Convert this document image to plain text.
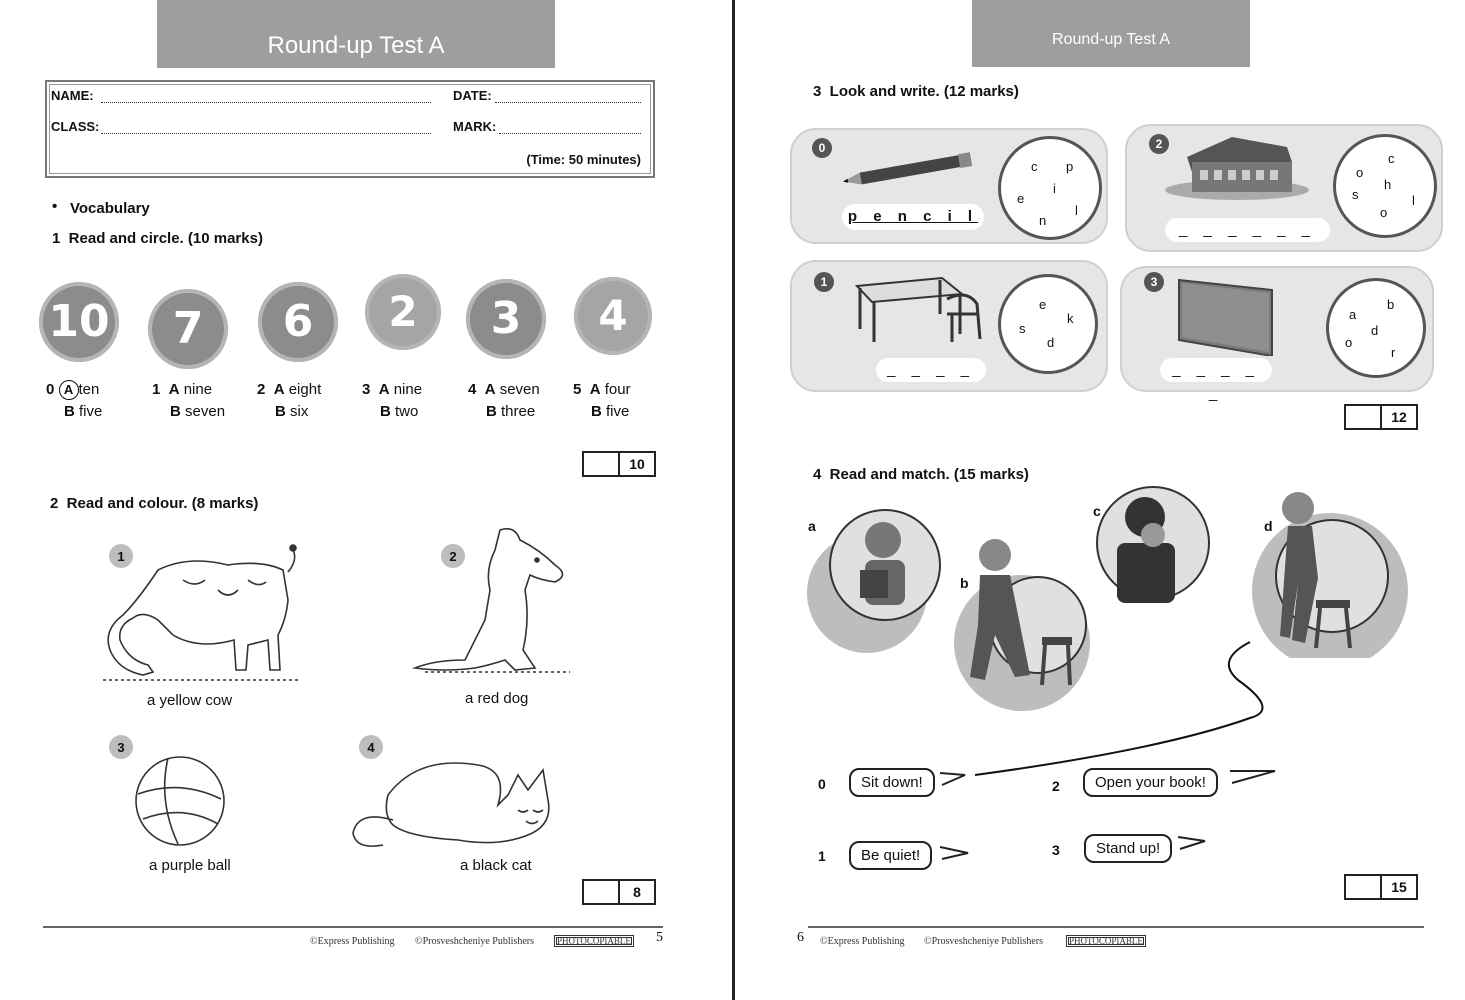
Round-up Test A
NAME:	DATE:
CLASS:	MARK:
(Time: 50 minutes)
• Vocabulary
1  Read and circle. (10 marks)
10	7	6	2	3	4
0 A ten
B five
1 A nine
B seven
2 A eight
B six
3 A nine
B two
4 A seven
B three
5 A four
B five
10
2  Read and colour. (8 marks)
1
a yellow cow
2
a red dog
3
a purple ball
4
a black cat
8
©Express Publishing ©Prosveshcheniye Publishers	PHOTOCOPIABLE 5
Round-up Test A
3  Look and write. (12 marks)
0
p e n c i l
c p
i
e
l
n
2
_ _ _ _ _ _
c
o
h
s	l
o
1
_ _ _ _
e
k
s
d
3
_ _ _ _ _
b
a
d
o
r
12
4  Read and match. (15 marks)
a
b
c
d
0	Sit down!
1	Be quiet!
2	Open your book!
3	Stand up!
15
6 ©Express Publishing ©Prosveshcheniye Publishers	PHOTOCOPIABLE
